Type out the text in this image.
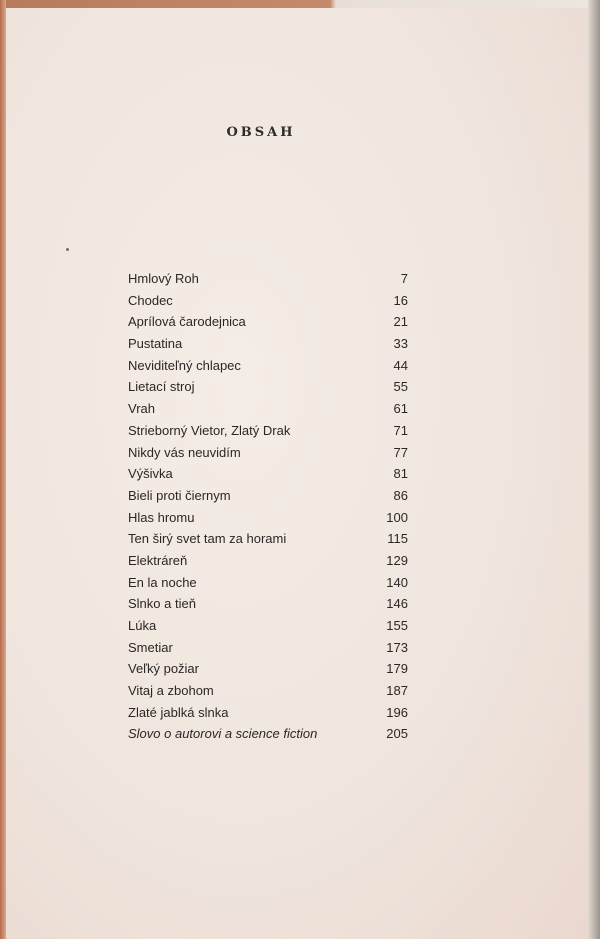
OBSAH
Hmlový Roh	7
Chodec	16
Aprílová čarodejnica	21
Pustatina	33
Neviditeľný chlapec	44
Lietací stroj	55
Vrah	61
Strieborný Vietor, Zlatý Drak	71
Nikdy vás neuvidím	77
Výšivka	81
Bieli proti čiernym	86
Hlas hromu	100
Ten širý svet tam za horami	115
Elektráreň	129
En la noche	140
Slnko a tieň	146
Lúka	155
Smetiar	173
Veľký požiar	179
Vitaj a zbohom	187
Zlaté jablká slnka	196
Slovo o autorovi a science fiction	205
